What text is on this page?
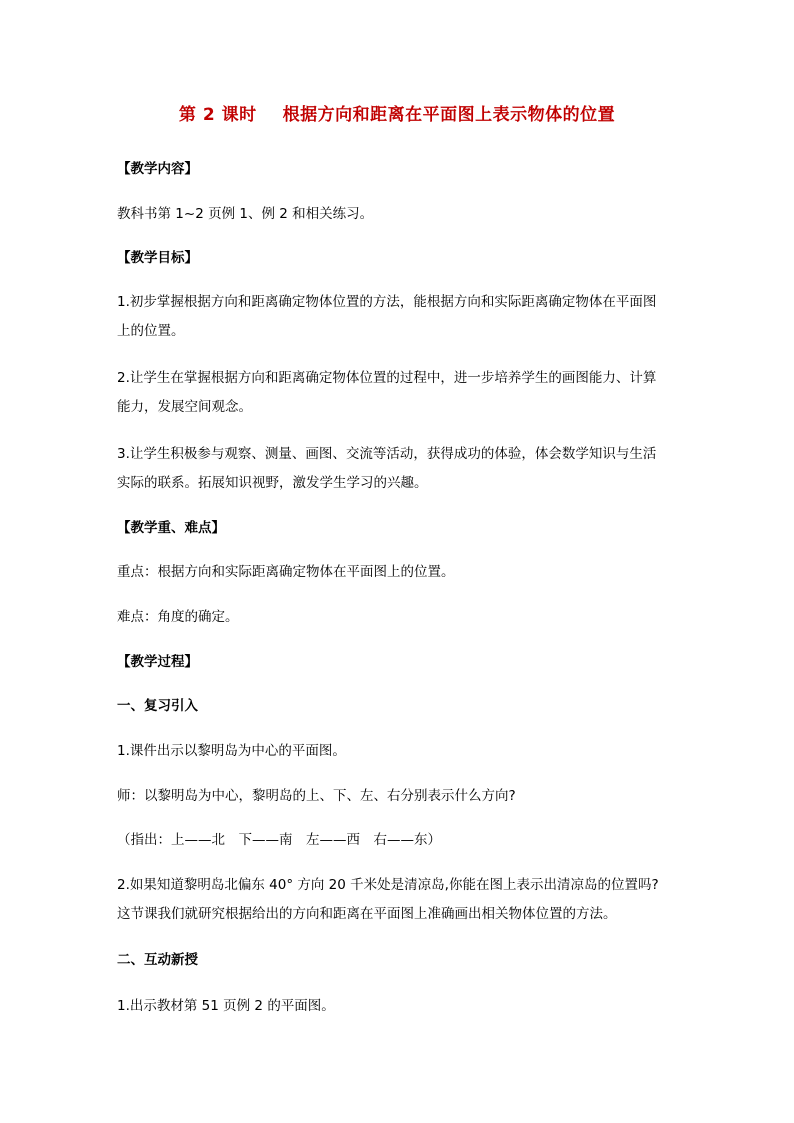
第 2 课时 根据方向和距离在平面图上表示物体的位置
【教学内容】
教科书第 1~2 页例 1、例 2 和相关练习。
【教学目标】
1.初步掌握根据方向和距离确定物体位置的方法，能根据方向和实际距离确定物体在平面图
上的位置。
2.让学生在掌握根据方向和距离确定物体位置的过程中，进一步培养学生的画图能力、计算
能力，发展空间观念。
3.让学生积极参与观察、测量、画图、交流等活动，获得成功的体验，体会数学知识与生活
实际的联系。拓展知识视野，激发学生学习的兴趣。
【教学重、难点】
重点：根据方向和实际距离确定物体在平面图上的位置。
难点：角度的确定。
【教学过程】
一、复习引入
1.课件出示以黎明岛为中心的平面图。
师：以黎明岛为中心，黎明岛的上、下、左、右分别表示什么方向?
（指出：上——北　下——南　左——西　右——东）
2.如果知道黎明岛北偏东 40° 方向 20 千米处是清凉岛,你能在图上表示出清凉岛的位置吗?
这节课我们就研究根据给出的方向和距离在平面图上准确画出相关物体位置的方法。
二、互动新授
1.出示教材第 51 页例 2 的平面图。
